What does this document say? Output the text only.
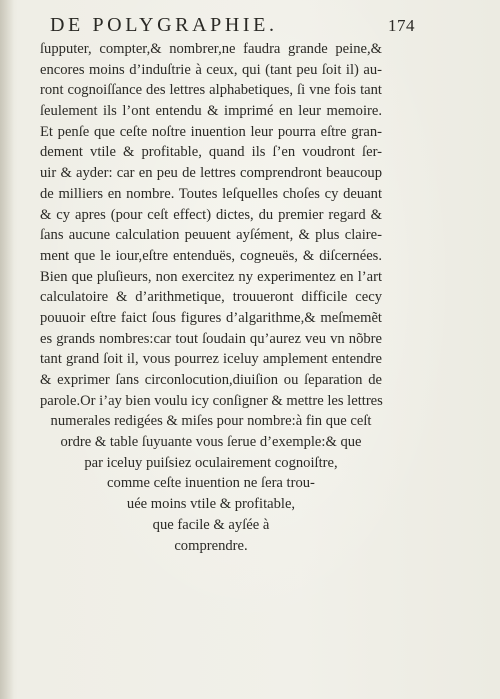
DE POLYGRAPHIE.	174
ſupputer, compter,& nombrer,ne faudra grande peine,&
encores moins d’induſtrie à ceux, qui (tant peu ſoit il) au-
ront cognoiſſance des lettres alphabetiques, ſi vne fois tant
ſeulement ils l’ont entendu & imprimé en leur memoire.
Et penſe que ceſte noſtre inuention leur pourra eſtre gran-
dement vtile & profitable, quand ils ſ’en voudront ſer-
uir & ayder: car en peu de lettres comprendront beaucoup
de milliers en nombre. Toutes leſquelles choſes cy deuant
& cy apres (pour ceſt effect) dictes, du premier regard &
ſans aucune calculation peuuent ayſément, & plus claire-
ment que le iour,eſtre entenduës, cogneuës, & diſcernées.
Bien que pluſieurs, non exercitez ny experimentez en l’art
calculatoire & d’arithmetique, trouueront difficile cecy
pouuoir eſtre faict ſous figures d’algarithme,& meſmemẽt
es grands nombres:car tout ſoudain qu’aurez veu vn nõbre
tant grand ſoit il, vous pourrez iceluy amplement entendre
& exprimer ſans circonlocution,diuiſion ou ſeparation de
parole.Or i’ay bien voulu icy conſigner & mettre les lettres
numerales redigées & miſes pour nombre:à fin que ceſt
ordre & table ſuyuante vous ſerue d’exemple:& que
par iceluy puiſsiez oculairement cognoiſtre,
comme ceſte inuention ne ſera trou-
uée moins vtile & profitable,
que facile & ayſée à
comprendre.
